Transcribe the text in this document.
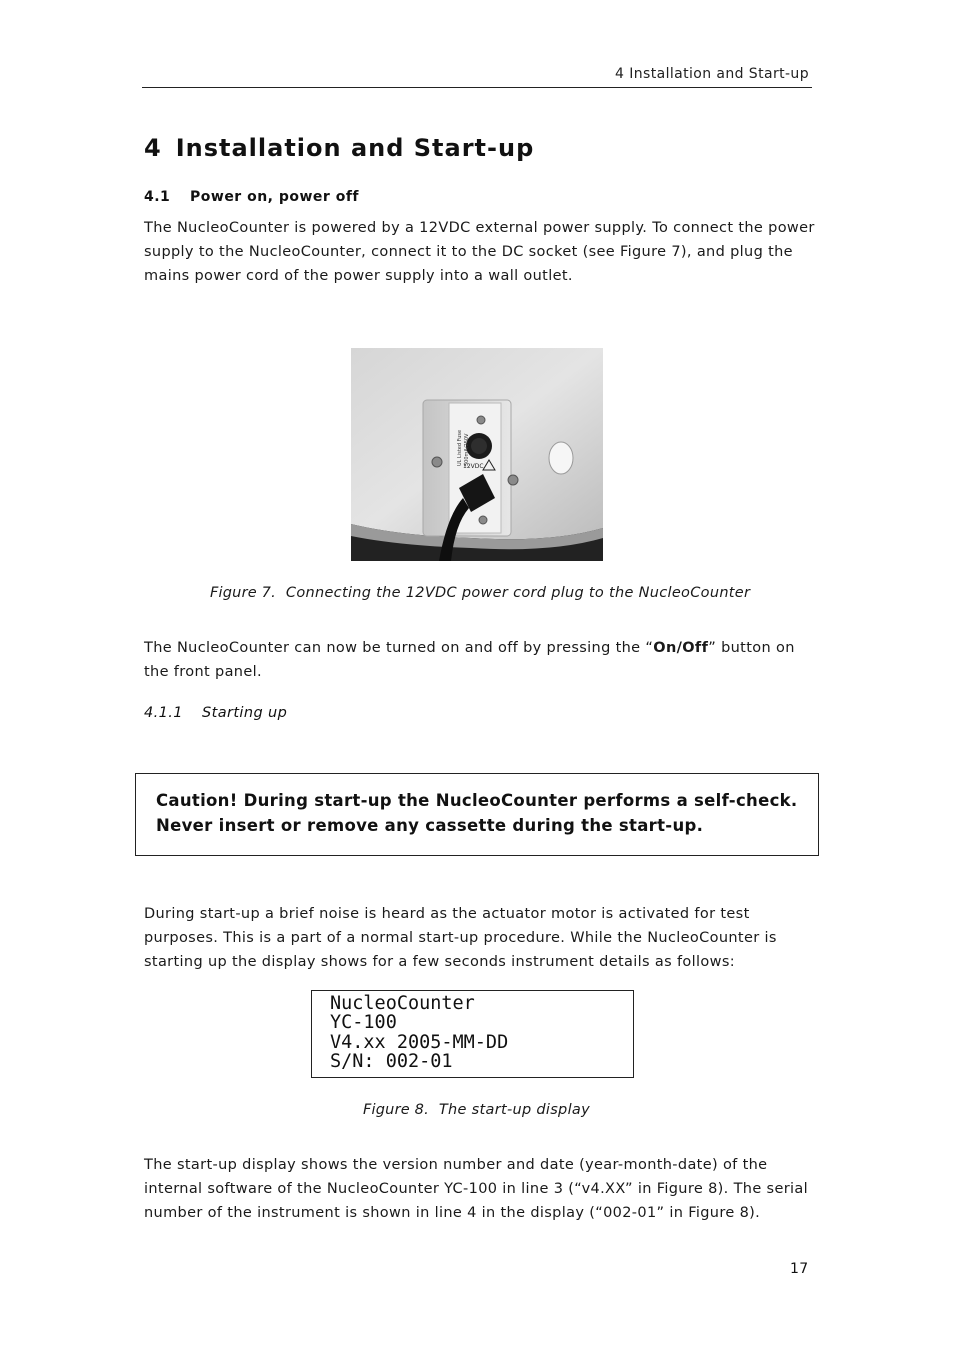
4 Installation and Start-up
4 Installation and Start-up
4.1 Power on, power off
The NucleoCounter is powered by a 12VDC external power supply. To connect the power
supply to the NucleoCounter, connect it to the DC socket (see Figure 7), and plug the
mains power cord of the power supply into a wall outlet.
UL Listed Fuse 500mA/250V
12VDC
Figure 7. Connecting the 12VDC power cord plug to the NucleoCounter
The NucleoCounter can now be turned on and off by pressing the “On/Off” button on
the front panel.
4.1.1 Starting up
Caution! During start-up the NucleoCounter performs a self-check.
Never insert or remove any cassette during the start-up.
During start-up a brief noise is heard as the actuator motor is activated for test
purposes. This is a part of a normal start-up procedure. While the NucleoCounter is
starting up the display shows for a few seconds instrument details as follows:
NucleoCounter
YC-100
V4.xx 2005-MM-DD
S/N: 002-01
Figure 8. The start-up display
The start-up display shows the version number and date (year-month-date) of the
internal software of the NucleoCounter YC-100 in line 3 (“v4.XX” in Figure 8). The serial
number of the instrument is shown in line 4 in the display (“002-01” in Figure 8).
17
